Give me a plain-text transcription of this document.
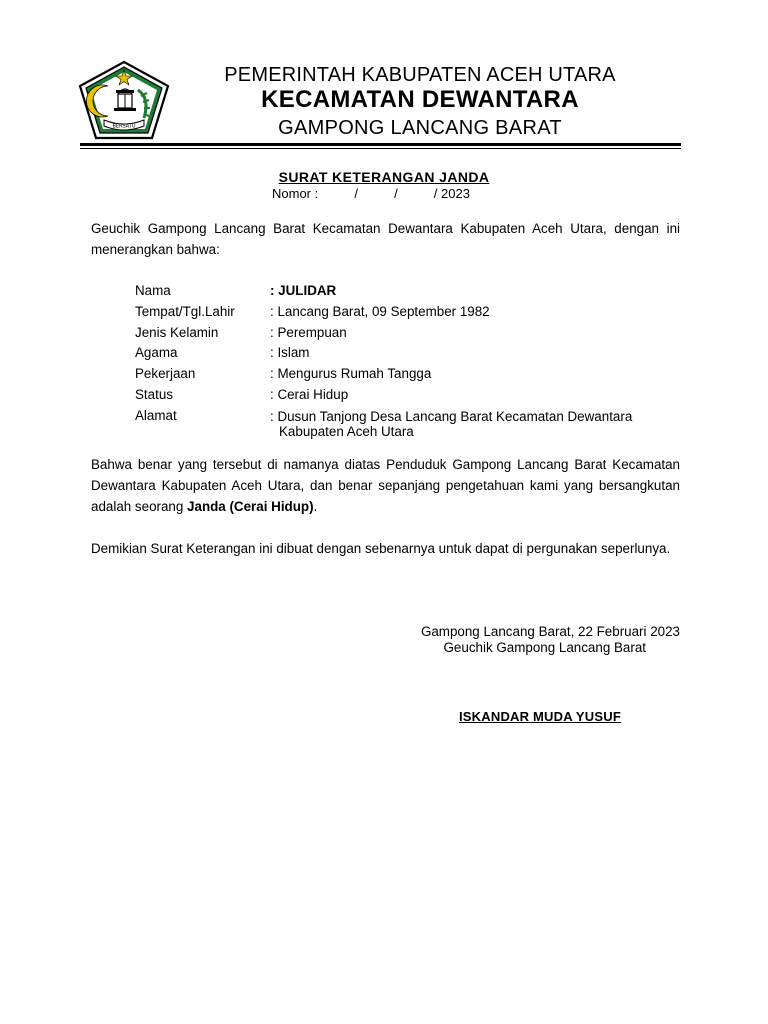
BERSATU
PEMERINTAH KABUPATEN ACEH UTARA
KECAMATAN DEWANTARA
GAMPONG LANCANG BARAT
SURAT KETERANGAN JANDA
Nomor :          /          /          / 2023
Geuchik Gampong Lancang Barat Kecamatan Dewantara Kabupaten Aceh Utara, dengan ini menerangkan bahwa:
Nama	: JULIDAR
Tempat/Tgl.Lahir	: Lancang Barat, 09 September 1982
Jenis Kelamin	: Perempuan
Agama	: Islam
Pekerjaan	: Mengurus Rumah Tangga
Status	: Cerai Hidup
Alamat	: Dusun Tanjong Desa Lancang Barat Kecamatan Dewantara
Kabupaten Aceh Utara
Bahwa benar yang tersebut di namanya diatas Penduduk Gampong Lancang Barat Kecamatan Dewantara Kabupaten Aceh Utara, dan benar sepanjang pengetahuan kami yang bersangkutan adalah seorang Janda (Cerai Hidup).
Demikian Surat Keterangan ini dibuat dengan sebenarnya untuk dapat di pergunakan seperlunya.
Gampong Lancang Barat, 22 Februari 2023
Geuchik Gampong Lancang Barat
ISKANDAR MUDA YUSUF
